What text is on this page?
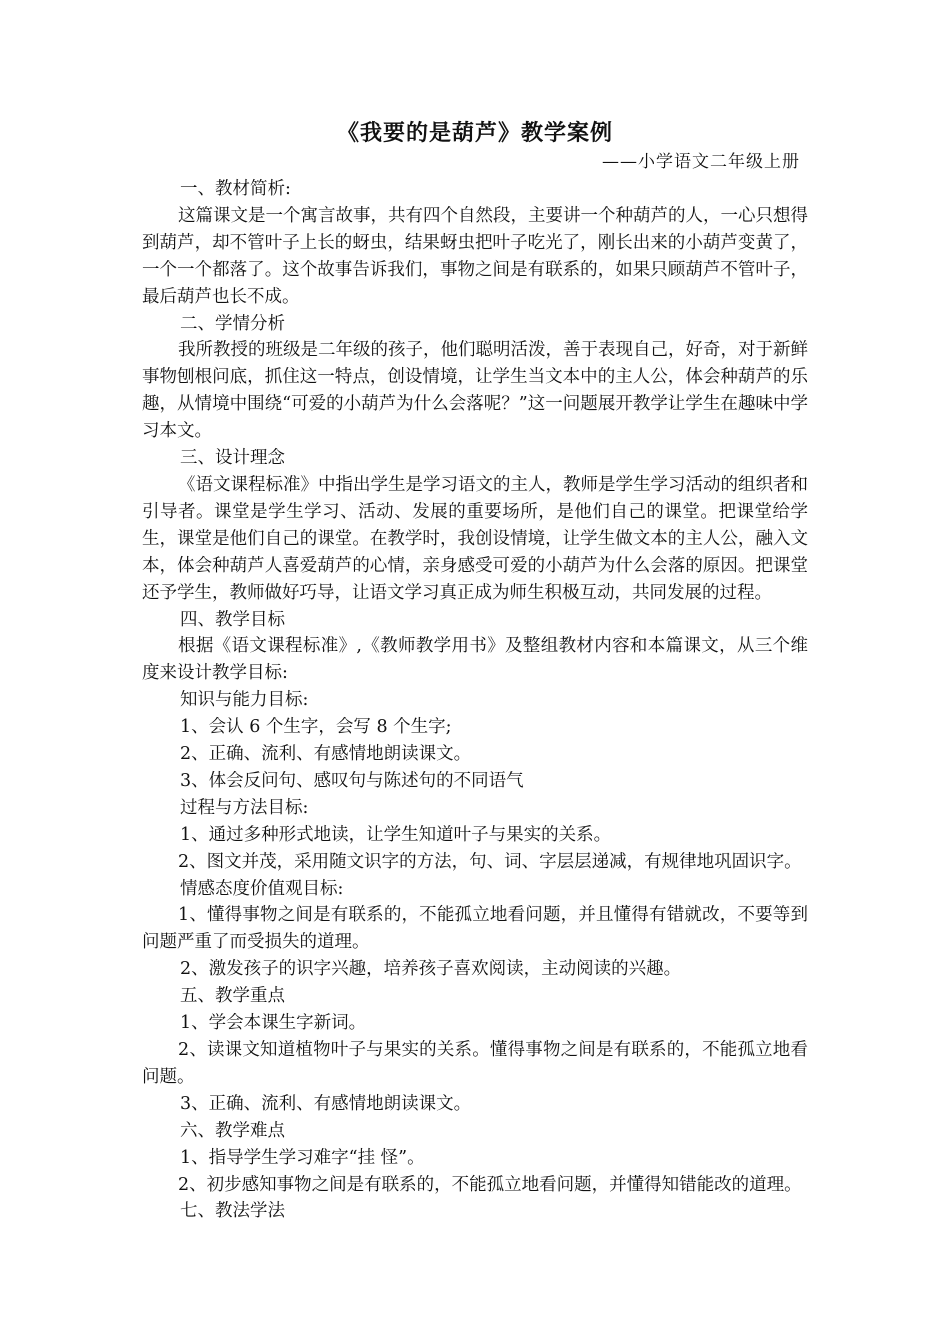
《我要的是葫芦》教学案例
——小学语文二年级上册

一、教材简析:

这篇课文是一个寓言故事，共有四个自然段，主要讲一个种葫芦的人，一心只想得到葫芦，却不管叶子上长的蚜虫，结果蚜虫把叶子吃光了，刚长出来的小葫芦变黄了，一个一个都落了。这个故事告诉我们，事物之间是有联系的，如果只顾葫芦不管叶子，最后葫芦也长不成。

二、学情分析

我所教授的班级是二年级的孩子，他们聪明活泼，善于表现自己，好奇，对于新鲜事物刨根问底，抓住这一特点，创设情境，让学生当文本中的主人公，体会种葫芦的乐趣，从情境中围绕“可爱的小葫芦为什么会落呢？”这一问题展开教学让学生在趣味中学习本文。

三、设计理念

《语文课程标准》中指出学生是学习语文的主人，教师是学生学习活动的组织者和引导者。课堂是学生学习、活动、发展的重要场所，是他们自己的课堂。把课堂给学生，课堂是他们自己的课堂。在教学时，我创设情境，让学生做文本的主人公，融入文本，体会种葫芦人喜爱葫芦的心情，亲身感受可爱的小葫芦为什么会落的原因。把课堂还予学生，教师做好巧导，让语文学习真正成为师生积极互动，共同发展的过程。

四、教学目标

根据《语文课程标准》,《教师教学用书》及整组教材内容和本篇课文，从三个维度来设计教学目标:

知识与能力目标:

1、会认 6 个生字，会写 8 个生字;

2、正确、流利、有感情地朗读课文。

3、体会反问句、感叹句与陈述句的不同语气

过程与方法目标:

1、通过多种形式地读，让学生知道叶子与果实的关系。

2、图文并茂，采用随文识字的方法，句、词、字层层递减，有规律地巩固识字。

情感态度价值观目标:

1、懂得事物之间是有联系的，不能孤立地看问题，并且懂得有错就改，不要等到问题严重了而受损失的道理。

2、激发孩子的识字兴趣，培养孩子喜欢阅读，主动阅读的兴趣。

五、教学重点

1、学会本课生字新词。

2、读课文知道植物叶子与果实的关系。懂得事物之间是有联系的，不能孤立地看问题。

3、正确、流利、有感情地朗读课文。

六、教学难点

1、指导学生学习难字“挂 怪”。

2、初步感知事物之间是有联系的，不能孤立地看问题，并懂得知错能改的道理。

七、教法学法
